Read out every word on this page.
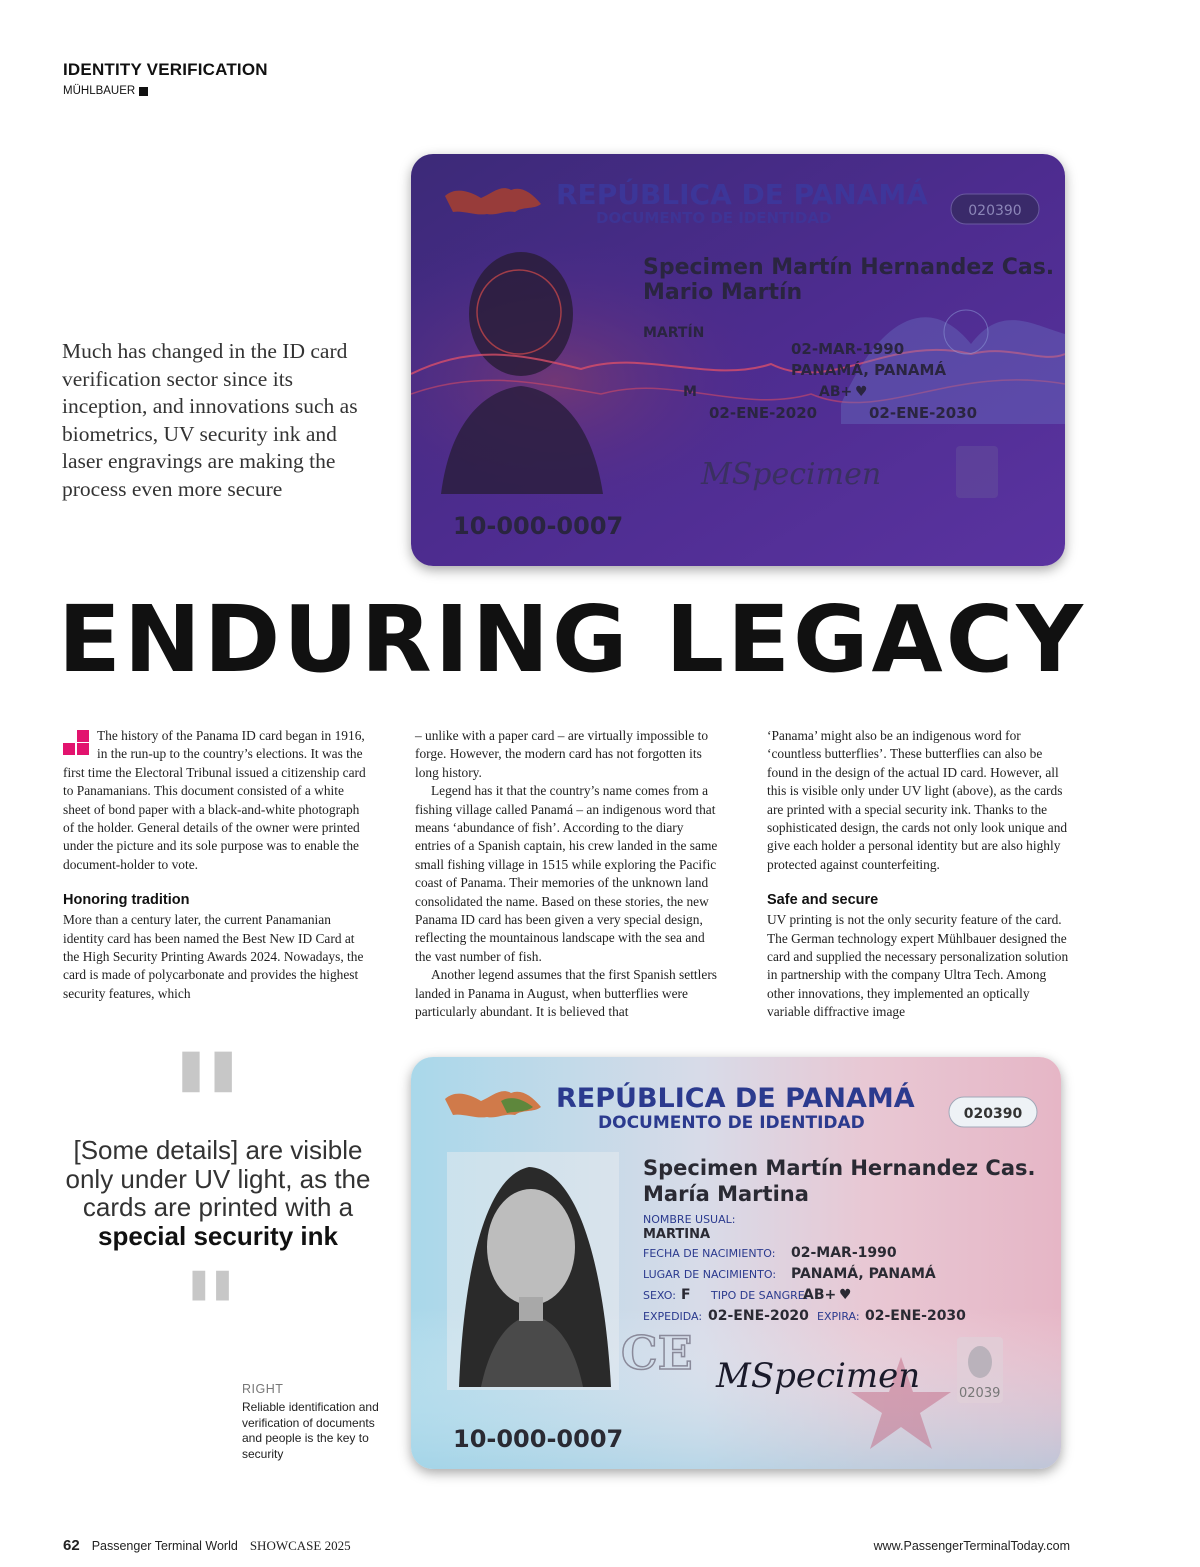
IDENTITY VERIFICATION
MÜHLBAUER
Much has changed in the ID card verification sector since its inception, and innovations such as biometrics, UV security ink and laser engravings are making the process even more secure
REPÚBLICA DE PANAMÁ
DOCUMENTO DE IDENTIDAD	020390
Specimen Martín Hernandez Cas.
Mario Martín
MARTÍN
02-MAR-1990
PANAMÁ, PANAMÁ
M	AB+ ♥
02-ENE-2020	02-ENE-2030
MSpecimen
10-000-0007
ENDURING LEGACY

The history of the Panama ID card began in 1916, in the run-up to the country’s elections. It was the first time the Electoral Tribunal issued a citizenship card to Panamanians. This document consisted of a white sheet of bond paper with a black-and-white photograph of the holder. General details of the owner were printed under the picture and its sole purpose was to enable the document-holder to vote.

Honoring tradition

More than a century later, the current Panamanian identity card has been named the Best New ID Card at the High Security Printing Awards 2024. Nowadays, the card is made of polycarbonate and provides the highest security features, which

– unlike with a paper card – are virtually impossible to forge. However, the modern card has not forgotten its long history.

Legend has it that the country’s name comes from a fishing village called Panamá – an indigenous word that means ‘abundance of fish’. According to the diary entries of a Spanish captain, his crew landed in the same small fishing village in 1515 while exploring the Pacific coast of Panama. Their memories of the unknown land consolidated the name. Based on these stories, the new Panama ID card has been given a very special design, reflecting the mountainous landscape with the sea and the vast number of fish.

Another legend assumes that the first Spanish settlers landed in Panama in August, when butterflies were particularly abundant. It is believed that

‘Panama’ might also be an indigenous word for ‘countless butterflies’. These butterflies can also be found in the design of the actual ID card. However, all this is visible only under UV light (above), as the cards are printed with a special security ink. Thanks to the sophisticated design, the cards not only look unique and give each holder a personal identity but are also highly protected against counterfeiting.

Safe and secure

UV printing is not the only security feature of the card. The German technology expert Mühlbauer designed the card and supplied the necessary personalization solution in partnership with the company Ultra Tech. Among other innovations, they implemented an optically variable diffractive image

"
[Some details] are visible only under UV light, as the cards are printed with a special security ink
"
RIGHT
Reliable identification and verification of documents and people is the key to security
CE
02039
REPÚBLICA DE PANAMÁ
DOCUMENTO DE IDENTIDAD	020390
Specimen Martín Hernandez Cas.
María Martina
NOMBRE USUAL:
MARTINA
FECHA DE NACIMIENTO: 02-MAR-1990
LUGAR DE NACIMIENTO: PANAMÁ, PANAMÁ
SEXO: F TIPO DE SANGRE:
AB+ ♥
EXPEDIDA: 02-ENE-2020 EXPIRA: 02-ENE-2030
MSpecimen
10-000-0007
62 Passenger Terminal World SHOWCASE 2025	www.PassengerTerminalToday.com
